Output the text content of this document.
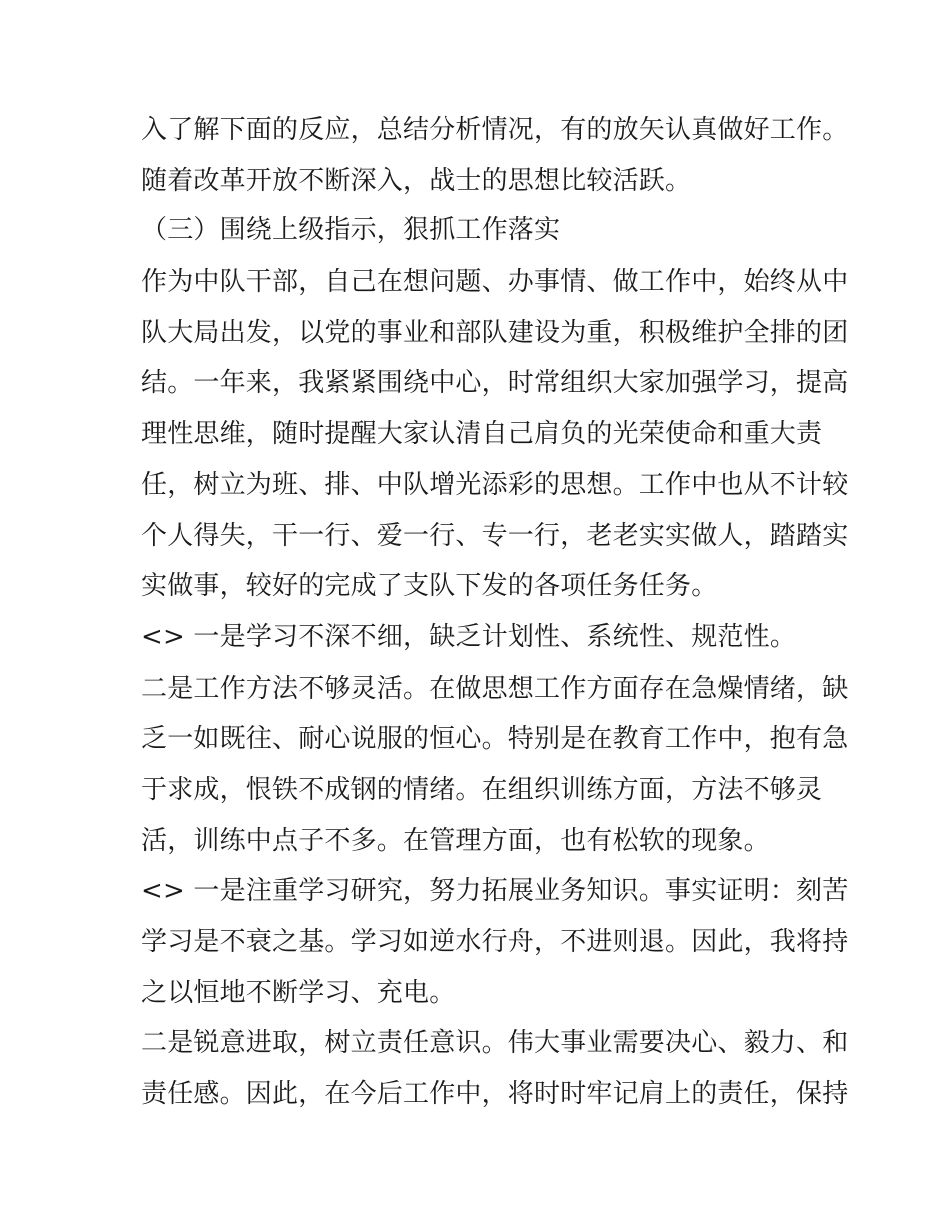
入了解下面的反应，总结分析情况，有的放矢认真做好工作。

随着改革开放不断深入，战士的思想比较活跃。

（三）围绕上级指示，狠抓工作落实

作为中队干部，自己在想问题、办事情、做工作中，始终从中

队大局出发，以党的事业和部队建设为重，积极维护全排的团

结。一年来，我紧紧围绕中心，时常组织大家加强学习，提高

理性思维，随时提醒大家认清自己肩负的光荣使命和重大责

任，树立为班、排、中队增光添彩的思想。工作中也从不计较

个人得失，干一行、爱一行、专一行，老老实实做人，踏踏实

实做事，较好的完成了支队下发的各项任务任务。

<> 一是学习不深不细，缺乏计划性、系统性、规范性。

二是工作方法不够灵活。在做思想工作方面存在急燥情绪，缺

乏一如既往、耐心说服的恒心。特别是在教育工作中，抱有急

于求成，恨铁不成钢的情绪。在组织训练方面，方法不够灵

活，训练中点子不多。在管理方面，也有松软的现象。

<> 一是注重学习研究，努力拓展业务知识。事实证明：刻苦

学习是不衰之基。学习如逆水行舟，不进则退。因此，我将持

之以恒地不断学习、充电。

二是锐意进取，树立责任意识。伟大事业需要决心、毅力、和

责任感。因此，在今后工作中，将时时牢记肩上的责任，保持
